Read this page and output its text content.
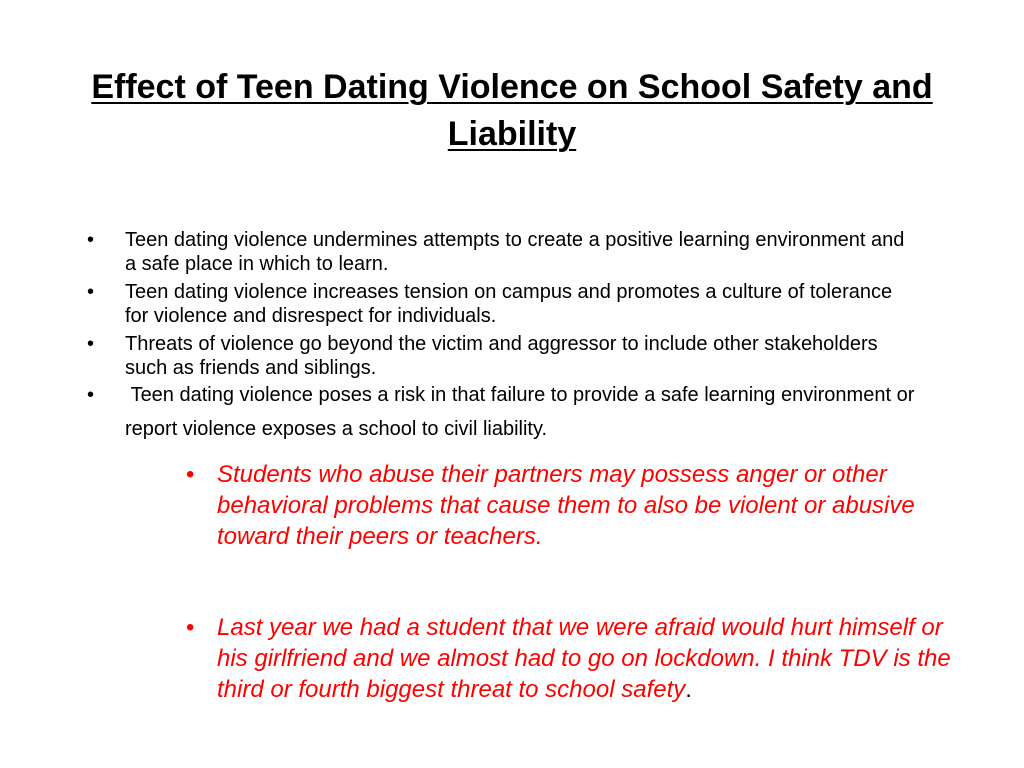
Effect of Teen Dating Violence on School Safety and Liability
• Teen dating violence undermines attempts to create a positive learning environment and a safe place in which to learn.
• Teen dating violence increases tension on campus and promotes a culture of tolerance for violence and disrespect for individuals.
• Threats of violence go beyond the victim and aggressor to include other stakeholders such as friends and siblings.
• Teen dating violence poses a risk in that failure to provide a safe learning environment or report violence exposes a school to civil liability.
• Students who abuse their partners may possess anger or other behavioral problems that cause them to also be violent or abusive toward their peers or teachers.
• Last year we had a student that we were afraid would hurt himself or his girlfriend and we almost had to go on lockdown. I think TDV is the third or fourth biggest threat to school safety.
